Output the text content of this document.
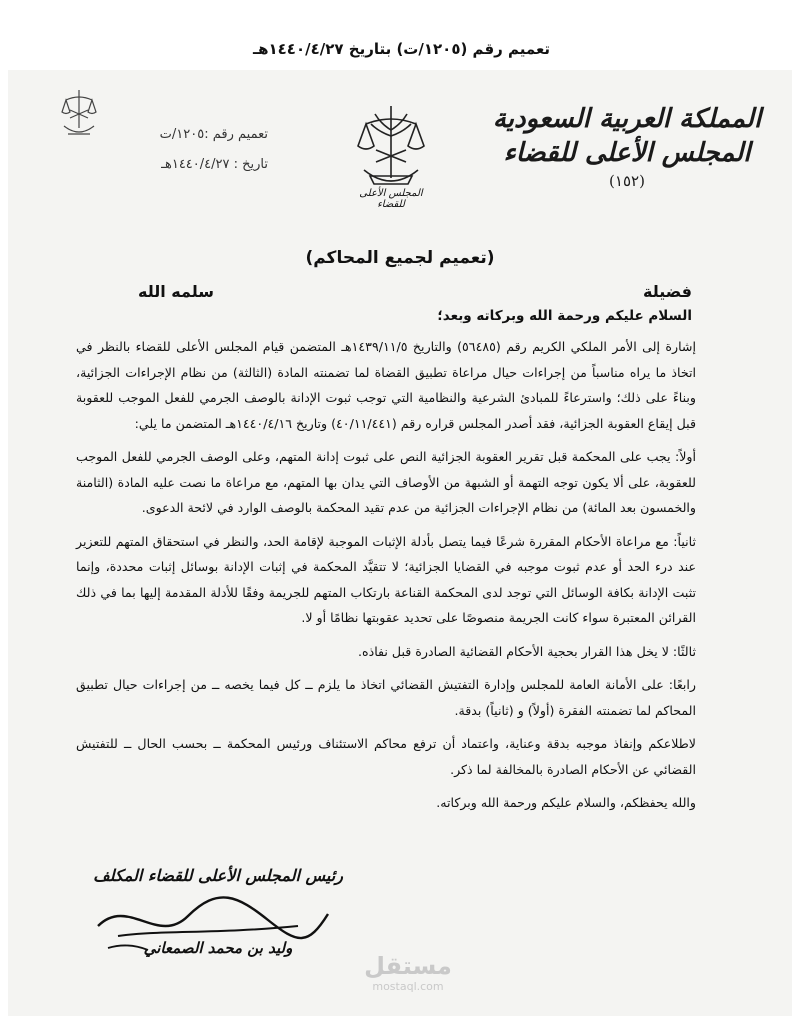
تعميم رقم (١٢٠٥/ت) بتاريخ ١٤٤٠/٤/٢٧هـ
المملكة العربية السعودية
المجلس الأعلى للقضاء
(١٥٢)
المجلس الأعلى للقضاء
تعميم رقم :١٢٠٥/ت
تاريخ : ١٤٤٠/٤/٢٧هـ
(تعميم لجميع المحاكم)
فضيلة
سلمه الله
السلام عليكم ورحمة الله وبركاته وبعد؛

إشارة إلى الأمر الملكي الكريم رقم (٥٦٤٨٥) والتاريخ ١٤٣٩/١١/٥هـ المتضمن قيام المجلس الأعلى للقضاء بالنظر في اتخاذ ما يراه مناسباً من إجراءات حيال مراعاة تطبيق القضاة لما تضمنته المادة (الثالثة) من نظام الإجراءات الجزائية، وبناءً على ذلك؛ واسترعاءً للمبادئ الشرعية والنظامية التي توجب ثبوت الإدانة بالوصف الجرمي للفعل الموجب للعقوبة قبل إيقاع العقوبة الجزائية، فقد أصدر المجلس قراره رقم (٤٠/١١/٤٤١) وتاريخ ١٤٤٠/٤/١٦هـ المتضمن ما يلي:

أولاً: يجب على المحكمة قبل تقرير العقوبة الجزائية النص على ثبوت إدانة المتهم، وعلى الوصف الجرمي للفعل الموجب للعقوبة، على ألا يكون توجه التهمة أو الشبهة من الأوصاف التي يدان بها المتهم، مع مراعاة ما نصت عليه المادة (الثامنة والخمسون بعد المائة) من نظام الإجراءات الجزائية من عدم تقيد المحكمة بالوصف الوارد في لائحة الدعوى.

ثانياً: مع مراعاة الأحكام المقررة شرعًا فيما يتصل بأدلة الإثبات الموجبة لإقامة الحد، والنظر في استحقاق المتهم للتعزير عند درء الحد أو عدم ثبوت موجبه في القضايا الجزائية؛ لا تتقيَّد المحكمة في إثبات الإدانة بوسائل إثبات محددة، وإنما تثبت الإدانة بكافة الوسائل التي توجد لدى المحكمة القناعة بارتكاب المتهم للجريمة وفقًا للأدلة المقدمة إليها بما في ذلك القرائن المعتبرة سواء كانت الجريمة منصوصًا على تحديد عقوبتها نظامًا أو لا.

ثالثًا: لا يخل هذا القرار بحجية الأحكام القضائية الصادرة قبل نفاذه.

رابعًا: على الأمانة العامة للمجلس وإدارة التفتيش القضائي اتخاذ ما يلزم ــ كل فيما يخصه ــ من إجراءات حيال تطبيق المحاكم لما تضمنته الفقرة (أولاً) و (ثانياً) بدقة.

لاطلاعكم وإنفاذ موجبه بدقة وعناية، واعتماد أن ترفع محاكم الاستئناف ورئيس المحكمة ــ بحسب الحال ــ للتفتيش القضائي عن الأحكام الصادرة بالمخالفة لما ذكر.

والله يحفظكم، والسلام عليكم ورحمة الله وبركاته.

رئيس المجلس الأعلى للقضاء المكلف
وليد بن محمد الصمعاني
مستقل
mostaql.com
